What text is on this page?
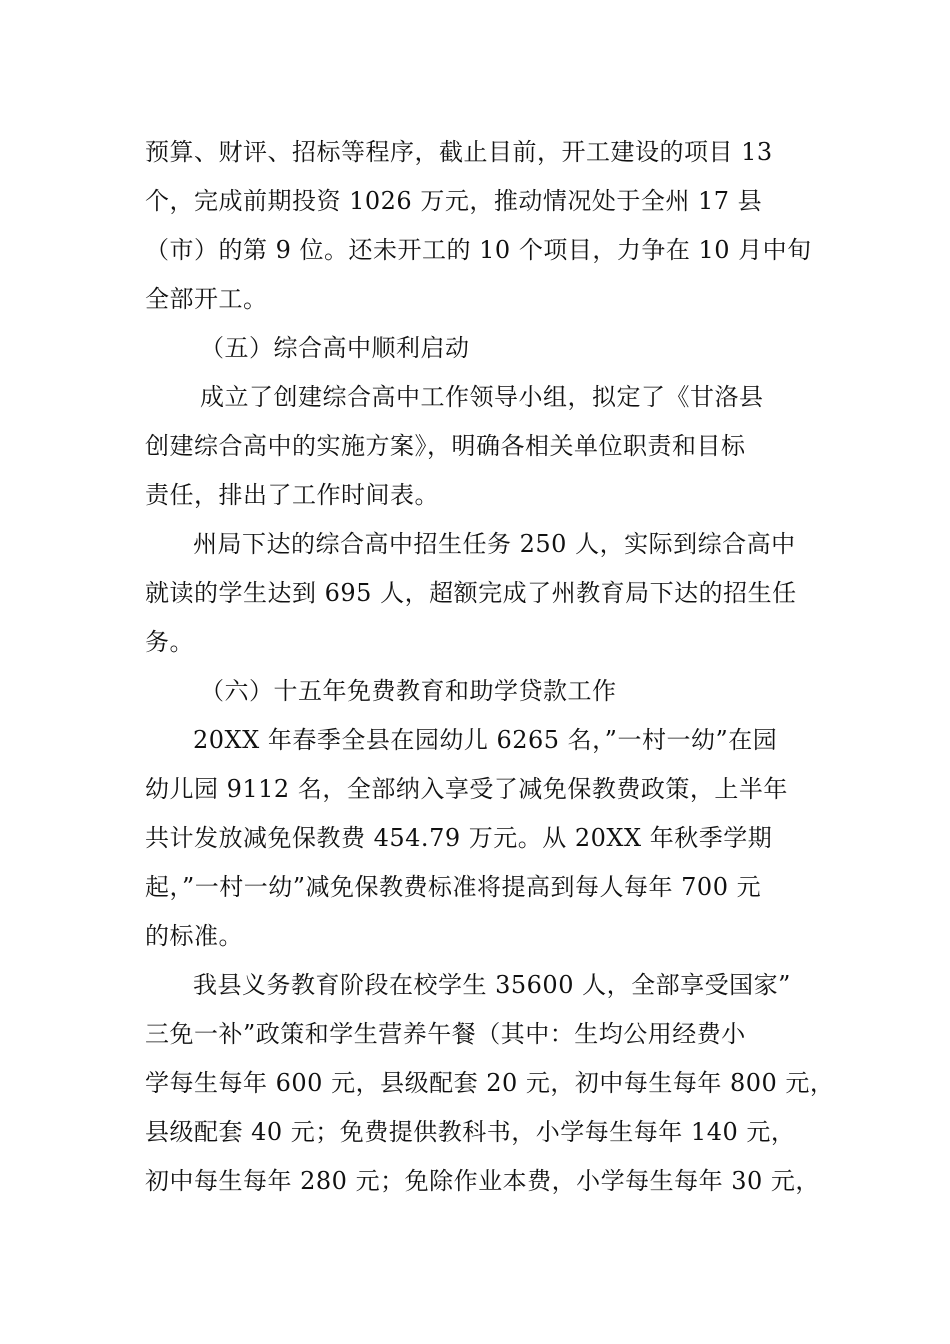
预算、财评、招标等程序，截止目前，开工建设的项目 13
个，完成前期投资 1026 万元，推动情况处于全州 17 县
（市）的第 9 位。还未开工的 10 个项目，力争在 10 月中旬
全部开工。
（五）综合高中顺利启动
成立了创建综合高中工作领导小组，拟定了《甘洛县
创建综合高中的实施方案》，明确各相关单位职责和目标
责任，排出了工作时间表。
州局下达的综合高中招生任务 250 人，实际到综合高中
就读的学生达到 695 人，超额完成了州教育局下达的招生任
务。
（六）十五年免费教育和助学贷款工作
20XX 年春季全县在园幼儿 6265 名，”一村一幼”在园
幼儿园 9112 名，全部纳入享受了减免保教费政策，上半年
共计发放减免保教费 454.79 万元。从 20XX 年秋季学期
起，”一村一幼”减免保教费标准将提高到每人每年 700 元
的标准。
我县义务教育阶段在校学生 35600 人，全部享受国家”
三免一补”政策和学生营养午餐（其中：生均公用经费小
学每生每年 600 元，县级配套 20 元，初中每生每年 800 元，
县级配套 40 元；免费提供教科书，小学每生每年 140 元，
初中每生每年 280 元；免除作业本费，小学每生每年 30 元，
